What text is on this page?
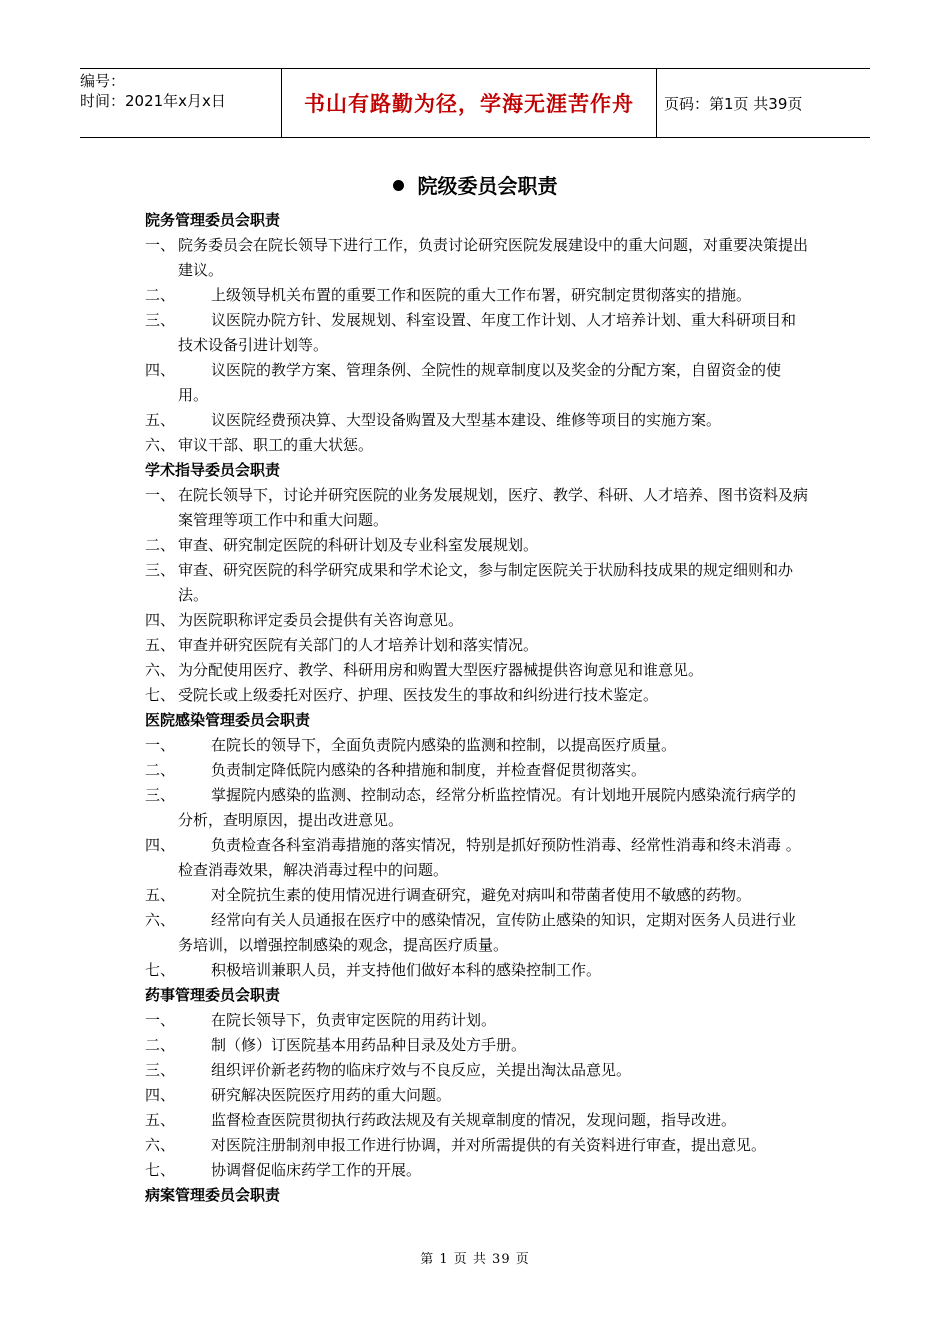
编号：
时间：2021年x月x日	书山有路勤为径，学海无涯苦作舟	页码：第1页 共39页
院级委员会职责
院务管理委员会职责
一、 院务委员会在院长领导下进行工作，负责讨论研究医院发展建设中的重大问题，对重要决策提出建议。
二、 上级领导机关布置的重要工作和医院的重大工作布署，研究制定贯彻落实的措施。
三、 议医院办院方针、发展规划、科室设置、年度工作计划、人才培养计划、重大科研项目和技术设备引进计划等。
四、 议医院的教学方案、管理条例、全院性的规章制度以及奖金的分配方案，自留资金的使用。
五、 议医院经费预决算、大型设备购置及大型基本建设、维修等项目的实施方案。
六、 审议干部、职工的重大状惩。
学术指导委员会职责
一、 在院长领导下，讨论并研究医院的业务发展规划，医疗、教学、科研、人才培养、图书资料及病案管理等项工作中和重大问题。
二、 审查、研究制定医院的科研计划及专业科室发展规划。
三、 审查、研究医院的科学研究成果和学术论文，参与制定医院关于状励科技成果的规定细则和办法。
四、 为医院职称评定委员会提供有关咨询意见。
五、 审查并研究医院有关部门的人才培养计划和落实情况。
六、 为分配使用医疗、教学、科研用房和购置大型医疗器械提供咨询意见和谁意见。
七、 受院长或上级委托对医疗、护理、医技发生的事故和纠纷进行技术鉴定。
医院感染管理委员会职责
一、 在院长的领导下，全面负责院内感染的监测和控制，以提高医疗质量。
二、 负责制定降低院内感染的各种措施和制度，并检查督促贯彻落实。
三、 掌握院内感染的监测、控制动态，经常分析监控情况。有计划地开展院内感染流行病学的分析，查明原因，提出改进意见。
四、 负责检查各科室消毒措施的落实情况，特别是抓好预防性消毒、经常性消毒和终未消毒 。检查消毒效果，解决消毒过程中的问题。
五、 对全院抗生素的使用情况进行调查研究，避免对病叫和带菌者使用不敏感的药物。
六、 经常向有关人员通报在医疗中的感染情况，宣传防止感染的知识，定期对医务人员进行业务培训，以增强控制感染的观念，提高医疗质量。
七、 积极培训兼职人员，并支持他们做好本科的感染控制工作。
药事管理委员会职责
一、 在院长领导下，负责审定医院的用药计划。
二、 制（修）订医院基本用药品种目录及处方手册。
三、 组织评价新老药物的临床疗效与不良反应，关提出淘汰品意见。
四、 研究解决医院医疗用药的重大问题。
五、 监督检查医院贯彻执行药政法规及有关规章制度的情况，发现问题，指导改进。
六、 对医院注册制剂申报工作进行协调，并对所需提供的有关资料进行审查，提出意见。
七、 协调督促临床药学工作的开展。
病案管理委员会职责
第 1 页 共 39 页
